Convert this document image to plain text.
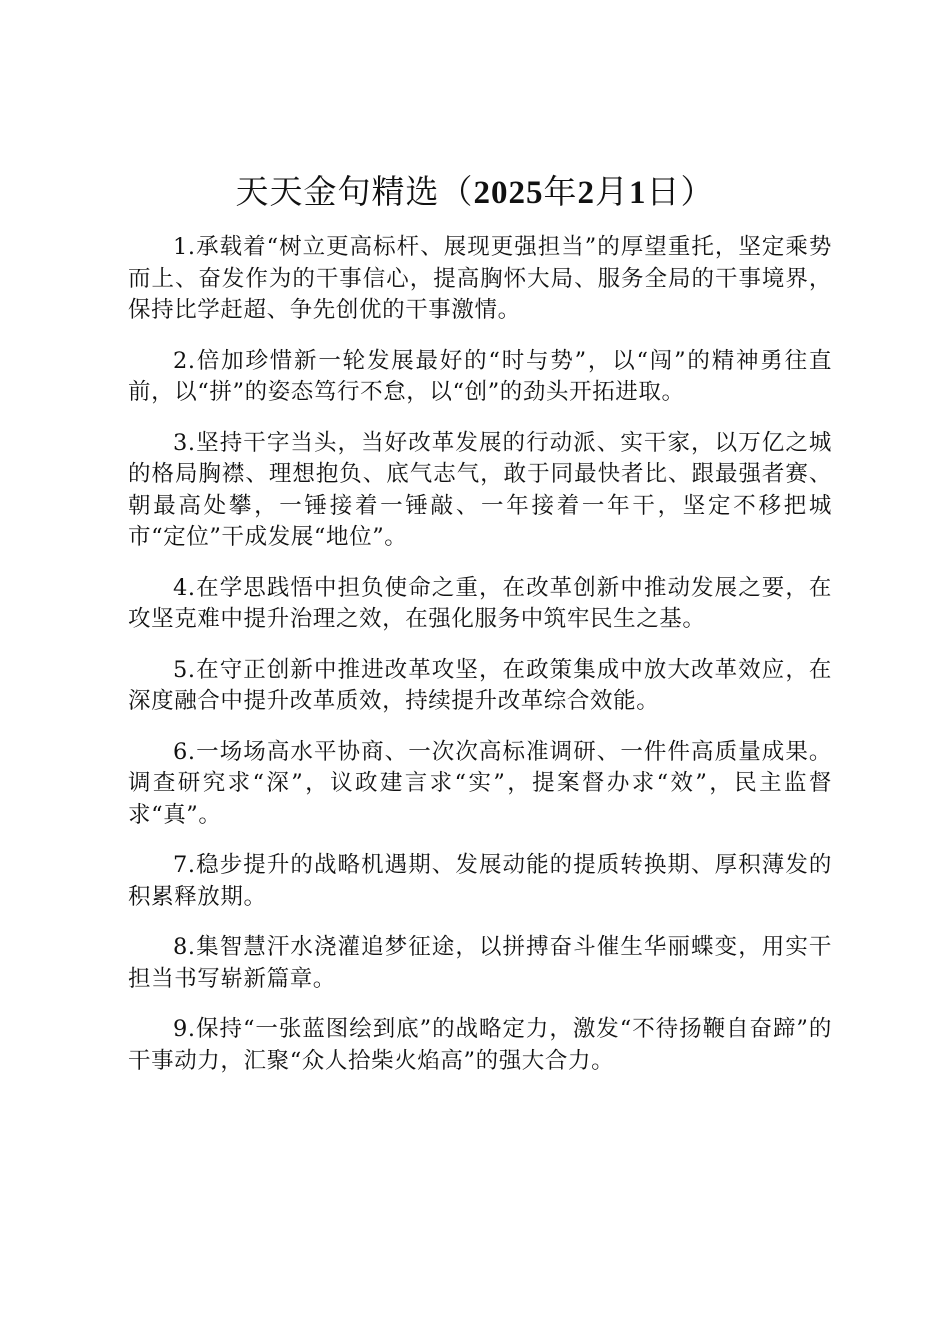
天天金句精选（2025年2月1日）

1.承载着“树立更高标杆、展现更强担当”的厚望重托，坚定乘势而上、奋发作为的干事信心，提高胸怀大局、服务全局的干事境界，保持比学赶超、争先创优的干事激情。

2.倍加珍惜新一轮发展最好的“时与势”，以“闯”的精神勇往直前，以“拼”的姿态笃行不怠，以“创”的劲头开拓进取。

3.坚持干字当头，当好改革发展的行动派、实干家，以万亿之城的格局胸襟、理想抱负、底气志气，敢于同最快者比、跟最强者赛、朝最高处攀，一锤接着一锤敲、一年接着一年干，坚定不移把城市“定位”干成发展“地位”。

4.在学思践悟中担负使命之重，在改革创新中推动发展之要，在攻坚克难中提升治理之效，在强化服务中筑牢民生之基。

5.在守正创新中推进改革攻坚，在政策集成中放大改革效应，在深度融合中提升改革质效，持续提升改革综合效能。

6.一场场高水平协商、一次次高标准调研、一件件高质量成果。调查研究求“深”，议政建言求“实”，提案督办求“效”，民主监督求“真”。

7.稳步提升的战略机遇期、发展动能的提质转换期、厚积薄发的积累释放期。

8.集智慧汗水浇灌追梦征途，以拼搏奋斗催生华丽蝶变，用实干担当书写崭新篇章。

9.保持“一张蓝图绘到底”的战略定力，激发“不待扬鞭自奋蹄”的干事动力，汇聚“众人拾柴火焰高”的强大合力。
